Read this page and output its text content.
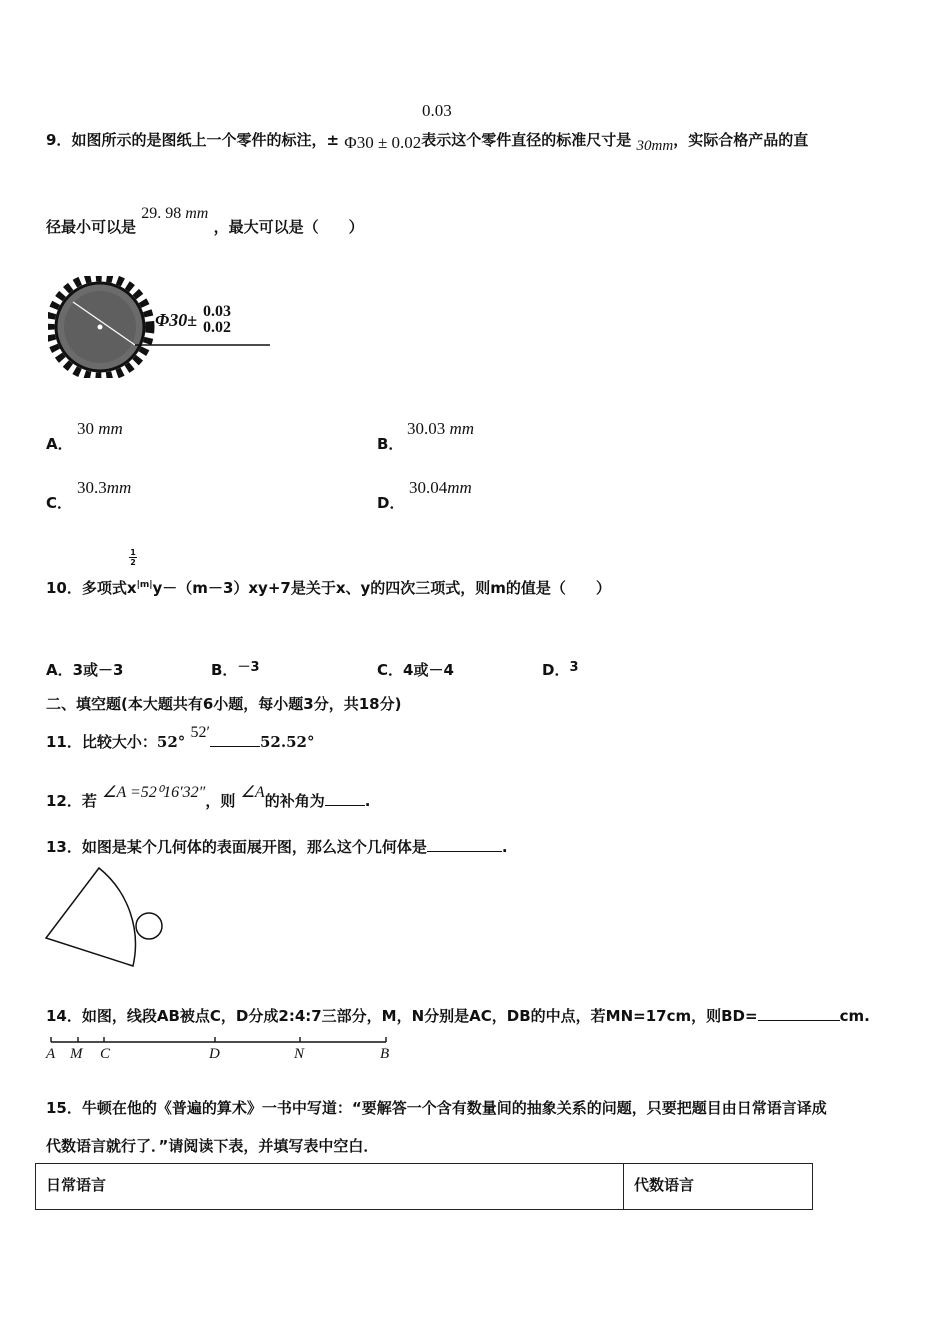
0.03
9．如图所示的是图纸上一个零件的标注，± Φ30 ± 0.02表示这个零件直径的标准尺寸是 30mm，实际合格产品的直
径最小可以是 29. 98 mm ，最大可以是（　　）
Φ30± 0.03
0.02
A．
30 mm
B．
30.03 mm
C．
30.3mm
D．
30.04mm
1
2
10．多项式$x^{|m|}y-(m-3)xy+7$是关于x、y的四次三项式，则m的值是（　　）
A．3或－3	B．－3	C．4或－4	D．3
二、填空题(本大题共有6小题，每小题3分，共18分)
11．比较大小：52° 52′52.52°
12．若 ∠A =52⁰16′32″，则 ∠A的补角为	.
13．如图是某个几何体的表面展开图，那么这个几何体是	.
14．如图，线段AB被点C，D分成2:4:7三部分，M，N分别是AC，DB的中点，若MN=17cm，则BD=	cm.
A M C	D	N	B
15．牛顿在他的《普遍的算术》一书中写道：“要解答一个含有数量间的抽象关系的问题，只要把题目由日常语言译成
代数语言就行了．”请阅读下表，并填写表中空白．
日常语言	代数语言
